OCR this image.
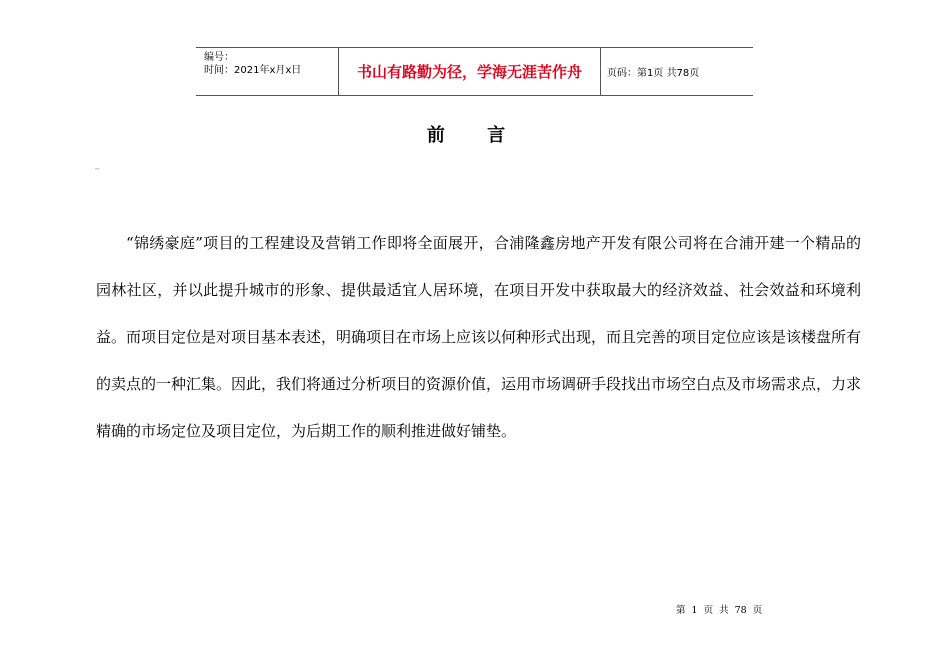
编号：
时间：2021年x月x日	书山有路勤为径，学海无涯苦作舟	页码：第1页 共78页
前 言
""
“锦绣豪庭”项目的工程建设及营销工作即将全面展开，合浦隆鑫房地产开发有限公司将在合浦开建一个精品的园林社区，并以此提升城市的形象、提供最适宜人居环境，在项目开发中获取最大的经济效益、社会效益和环境利益。而项目定位是对项目基本表述，明确项目在市场上应该以何种形式出现，而且完善的项目定位应该是该楼盘所有的卖点的一种汇集。因此，我们将通过分析项目的资源价值，运用市场调研手段找出市场空白点及市场需求点，力求精确的市场定位及项目定位，为后期工作的顺利推进做好铺垫。
第 1 页 共 78 页
